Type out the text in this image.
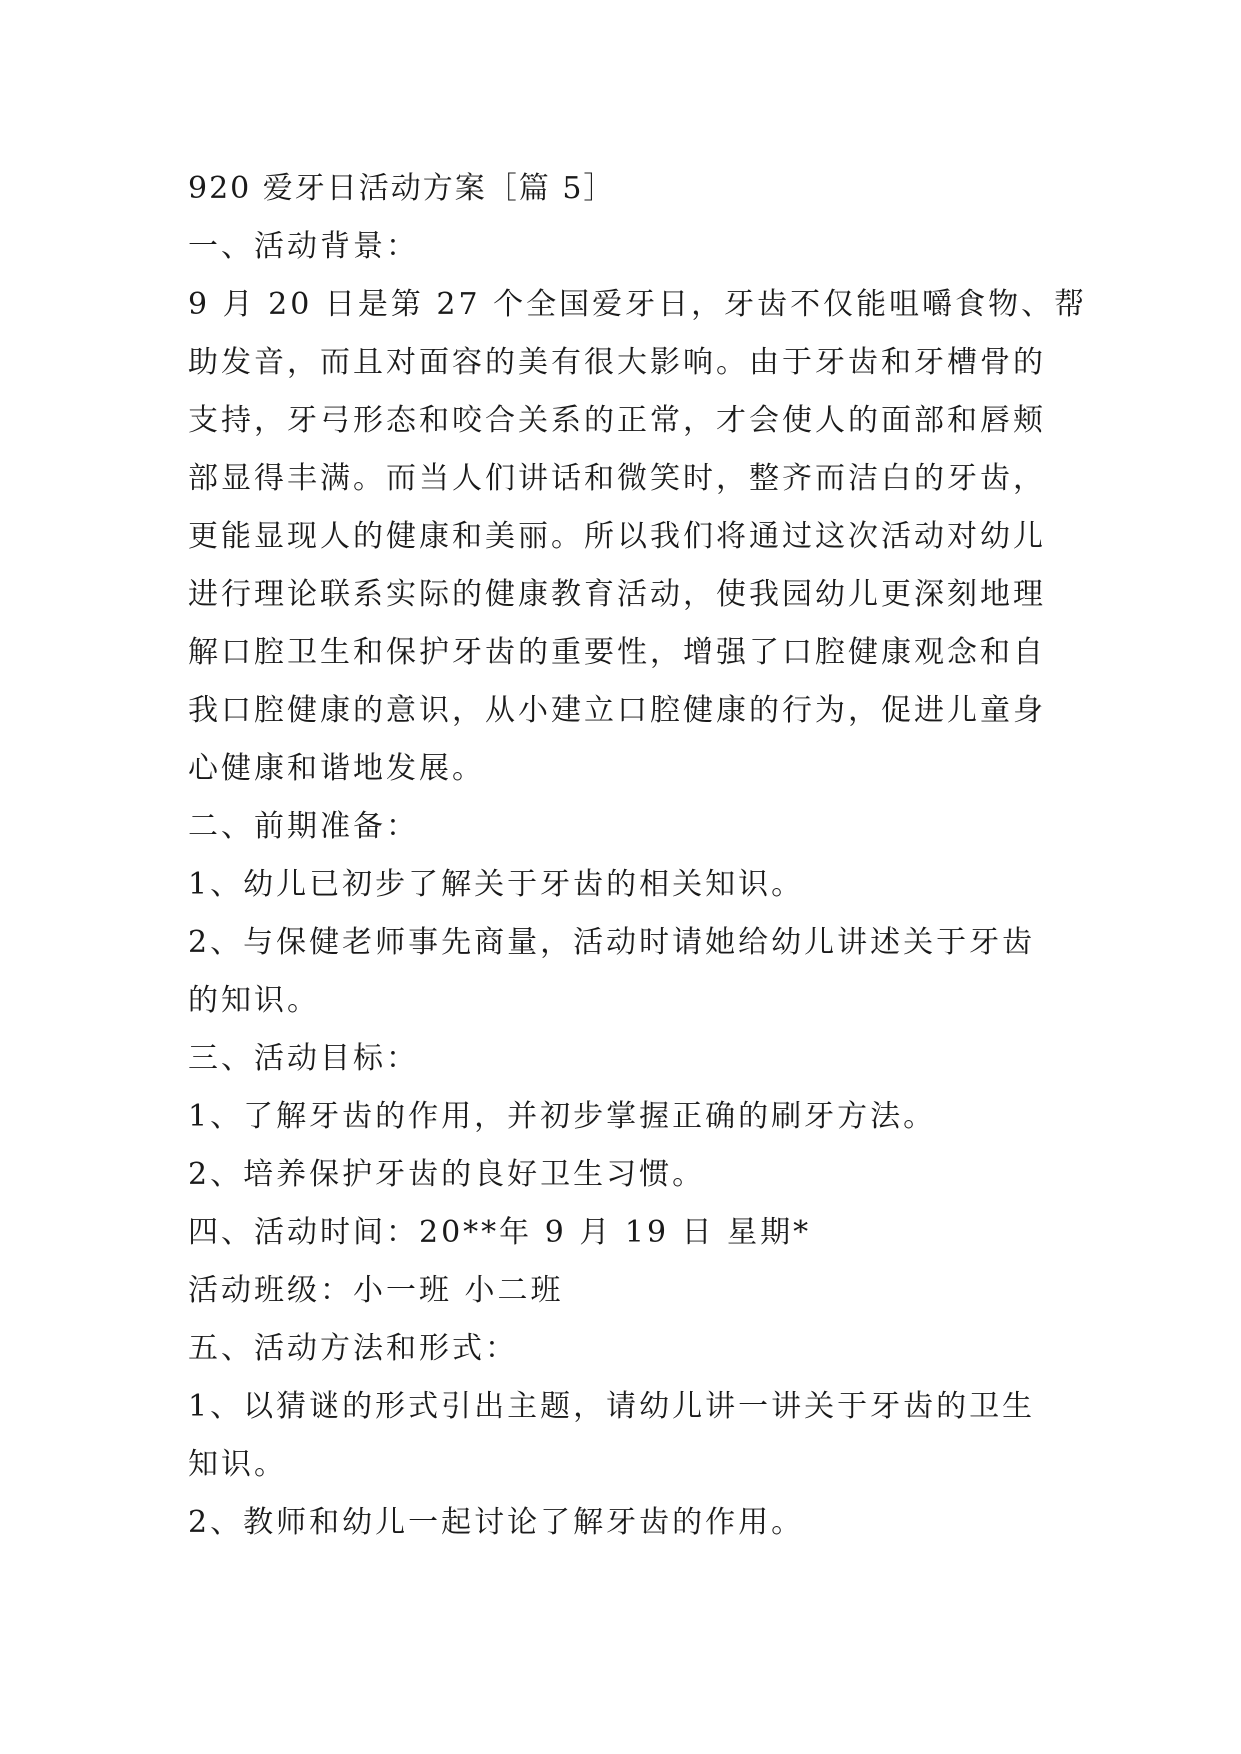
920 爱牙日活动方案［篇 5］
一、活动背景：
9 月 20 日是第 27 个全国爱牙日，牙齿不仅能咀嚼食物、帮
助发音，而且对面容的美有很大影响。由于牙齿和牙槽骨的
支持，牙弓形态和咬合关系的正常，才会使人的面部和唇颊
部显得丰满。而当人们讲话和微笑时，整齐而洁白的牙齿，
更能显现人的健康和美丽。所以我们将通过这次活动对幼儿
进行理论联系实际的健康教育活动，使我园幼儿更深刻地理
解口腔卫生和保护牙齿的重要性，增强了口腔健康观念和自
我口腔健康的意识，从小建立口腔健康的行为，促进儿童身
心健康和谐地发展。
二、前期准备：
1、幼儿已初步了解关于牙齿的相关知识。
2、与保健老师事先商量，活动时请她给幼儿讲述关于牙齿
的知识。
三、活动目标：
1、了解牙齿的作用，并初步掌握正确的刷牙方法。
2、培养保护牙齿的良好卫生习惯。
四、活动时间：20**年 9 月 19 日 星期*
活动班级：小一班 小二班
五、活动方法和形式：
1、以猜谜的形式引出主题，请幼儿讲一讲关于牙齿的卫生
知识。
2、教师和幼儿一起讨论了解牙齿的作用。
